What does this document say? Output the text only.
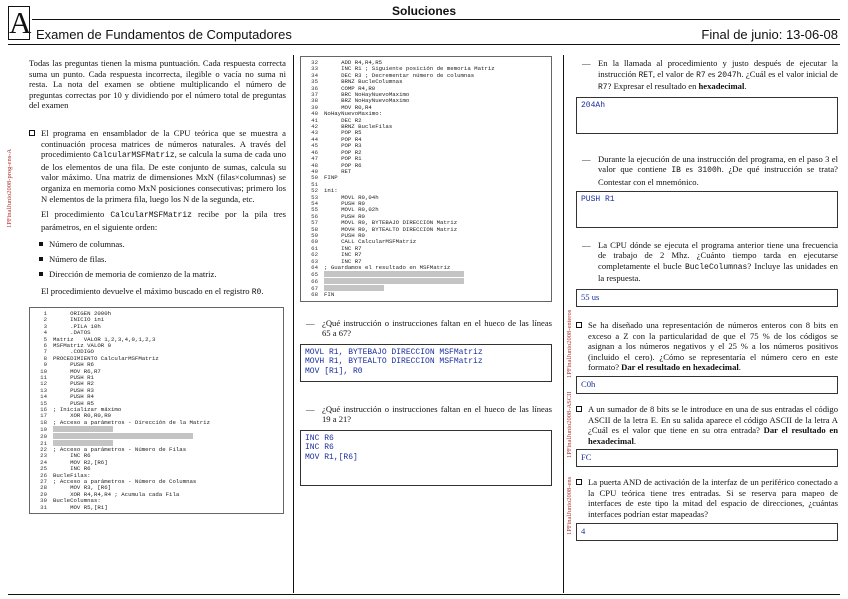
A	Soluciones
Examen de Fundamentos de Computadores	Final de junio: 13-06-08
1PFinalJunio2008-prog-ens-A
1PFinalJunio2008-enteros
1PFinalJunio2008-ASCII
1PFinalJunio2008-ens
Todas las preguntas tienen la misma puntuación. Cada respuesta correcta suma un punto. Cada respuesta incorrecta, ilegible o vacía no suma ni resta. La nota del examen se obtiene multiplicando el número de preguntas correctas por 10 y dividiendo por el número total de preguntas del examen
El programa en ensamblador de la CPU teórica que se muestra a continuación procesa matrices de números naturales. A través del procedimiento CalcularMSFMatriz, se calcula la suma de cada uno de los elementos de una fila. De este conjunto de sumas, calcula su valor máximo. Una matriz de dimensiones MxN (filas×columnas) se organiza en memoria como MxN posiciones consecutivas; primero los N elementos de la primera fila, luego los N de la segunda, etc.
El procedimiento CalcularMSFMatriz recibe por la pila tres parámetros, en el siguiente orden:
Número de columnas.
Número de filas.
Dirección de memoria de comienzo de la matriz.
El procedimiento devuelve el máximo buscado en el registro R0.
1     ORIGEN 2000h
2     INICIO ini
3     .PILA 10h
4     .DATOS
5 Matriz   VALOR 1,2,3,4,0,1,2,3
6 MSFMatriz VALOR 0
7     .CODIGO
8 PROCEDIMIENTO CalcularMSFMatriz
9     PUSH R6
10     MOV R6,R7
11     PUSH R1
12     PUSH R2
13     PUSH R3
14     PUSH R4
15     PUSH R5
16 ; Inicializar máximo
17     XOR R0,R0,R0
18 ; Acceso a parámetros - Dirección de la Matriz
19
20
21
22 ; Acceso a parámetros - Número de Filas
23     INC R6
24     MOV R2,[R6]
25     INC R6
26 BucleFilas:
27 ; Acceso a parámetros - Número de Columnas
28     MOV R3, [R6]
29     XOR R4,R4,R4 ; Acumula cada Fila
30 BucleColumnas:
31     MOV R5,[R1]
32     ADD R4,R4,R5
33     INC R1 ; Siguiente posición de memoria Matriz
34     DEC R3 ; Decrementar número de columnas
35     BRNZ BucleColumnas
36     COMP R4,R0
37     BRC NoHayNuevoMaximo
38     BRZ NoHayNuevoMaximo
39     MOV R0,R4
40 NoHayNuevoMaximo:
41     DEC R2
42     BRNZ BucleFilas
43     POP R5
44     POP R4
45     POP R3
46     POP R2
47     POP R1
48     POP R6
49     RET
50 FINP
51
52 ini:
53     MOVL R0,04h
54     PUSH R0
55     MOVL R0,02h
56     PUSH R0
57     MOVL R0, BYTEBAJO DIRECCION Matriz
58     MOVH R0, BYTEALTO DIRECCION Matriz
59     PUSH R0
60     CALL CalcularMSFMatriz
61     INC R7
62     INC R7
63     INC R7
64 ; Guardamos el resultado en MSFMatriz
65
66
67
68 FIN
— ¿Qué instrucción o instrucciones faltan en el hueco de las líneas 65 a 67?
MOVL R1, BYTEBAJO DIRECCION MSFMatriz
MOVH R1, BYTEALTO DIRECCION MSFMatriz
MOV [R1], R0
— ¿Qué instrucción o instrucciones faltan en el hueco de las líneas 19 a 21?
INC R6
INC R6
MOV R1,[R6]
— En la llamada al procedimiento y justo después de ejecutar la instrucción RET, el valor de R7 es 2047h. ¿Cuál es el valor inicial de R7? Expresar el resultado en hexadecimal.
204Ah
— Durante la ejecución de una instrucción del programa, en el paso 3 el valor que contiene IB es 3100h. ¿De qué instrucción se trata? Contestar con el mnemónico.
PUSH R1
— La CPU dónde se ejecuta el programa anterior tiene una frecuencia de trabajo de 2 Mhz. ¿Cuánto tiempo tarda en ejecutarse completamente el bucle BucleColumnas? Incluye las unidades en la respuesta.
55 us
Se ha diseñado una representación de números enteros con 8 bits en exceso a Z con la particularidad de que el 75 % de los códigos se asignan a los números negativos y el 25 % a los números positivos (incluido el cero). ¿Cómo se representaría el número cero en este formato? Dar el resultado en hexadecimal.
C0h
A un sumador de 8 bits se le introduce en una de sus entradas el código ASCII de la letra E. En su salida aparece el código ASCII de la letra A ¿Cuál es el valor que tiene en su otra entrada? Dar el resultado en hexadecimal.
FC
La puerta AND de activación de la interfaz de un periférico conectado a la CPU teórica tiene tres entradas. Si se reserva para mapeo de interfaces de este tipo la mitad del espacio de direcciones, ¿cuántas interfaces podrían estar mapeadas?
4
